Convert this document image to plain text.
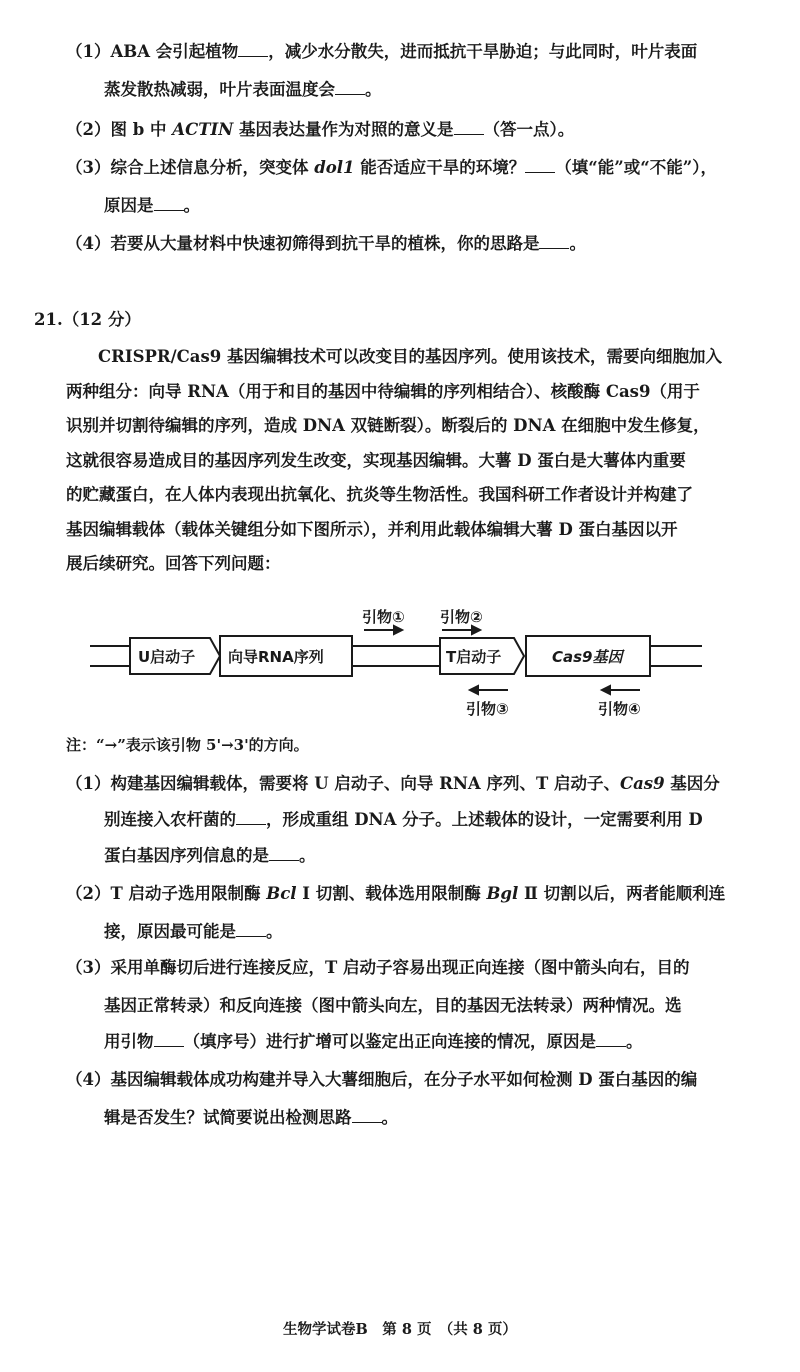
（1）ABA 会引起植物 ，减少水分散失，进而抵抗干旱胁迫；与此同时，叶片表面
蒸发散热减弱，叶片表面温度会 。
（2）图 b 中 ACTIN 基因表达量作为对照的意义是 （答一点）。
（3）综合上述信息分析，突变体 dol1 能否适应干旱的环境？ （填“能”或“不能”），
原因是 。
（4）若要从大量材料中快速初筛得到抗干旱的植株，你的思路是 。
21.（12 分）
CRISPR/Cas9 基因编辑技术可以改变目的基因序列。使用该技术，需要向细胞加入
两种组分：向导 RNA（用于和目的基因中待编辑的序列相结合）、核酸酶 Cas9（用于
识别并切割待编辑的序列，造成 DNA 双链断裂）。断裂后的 DNA 在细胞中发生修复，
这就很容易造成目的基因序列发生改变，实现基因编辑。大薯 D 蛋白是大薯体内重要
的贮藏蛋白，在人体内表现出抗氧化、抗炎等生物活性。我国科研工作者设计并构建了
基因编辑载体（载体关键组分如下图所示），并利用此载体编辑大薯 D 蛋白基因以开
展后续研究。回答下列问题：
U启动子 向导RNA序列	T启动子	Cas9基因
引物① 引物②
引物③	引物④
注：“→”表示该引物 5'→3'的方向。
（1）构建基因编辑载体，需要将 U 启动子、向导 RNA 序列、T 启动子、Cas9 基因分
别连接入农杆菌的 ，形成重组 DNA 分子。上述载体的设计，一定需要利用 D
蛋白基因序列信息的是 。
（2）T 启动子选用限制酶 Bcl Ⅰ 切割、载体选用限制酶 Bgl Ⅱ 切割以后，两者能顺利连
接，原因最可能是 。
（3）采用单酶切后进行连接反应，T 启动子容易出现正向连接（图中箭头向右，目的
基因正常转录）和反向连接（图中箭头向左，目的基因无法转录）两种情况。选
用引物 （填序号）进行扩增可以鉴定出正向连接的情况，原因是 。
（4）基因编辑载体成功构建并导入大薯细胞后，在分子水平如何检测 D 蛋白基因的编
辑是否发生？试简要说出检测思路 。
生物学试卷B　第 8 页　（共 8 页）
